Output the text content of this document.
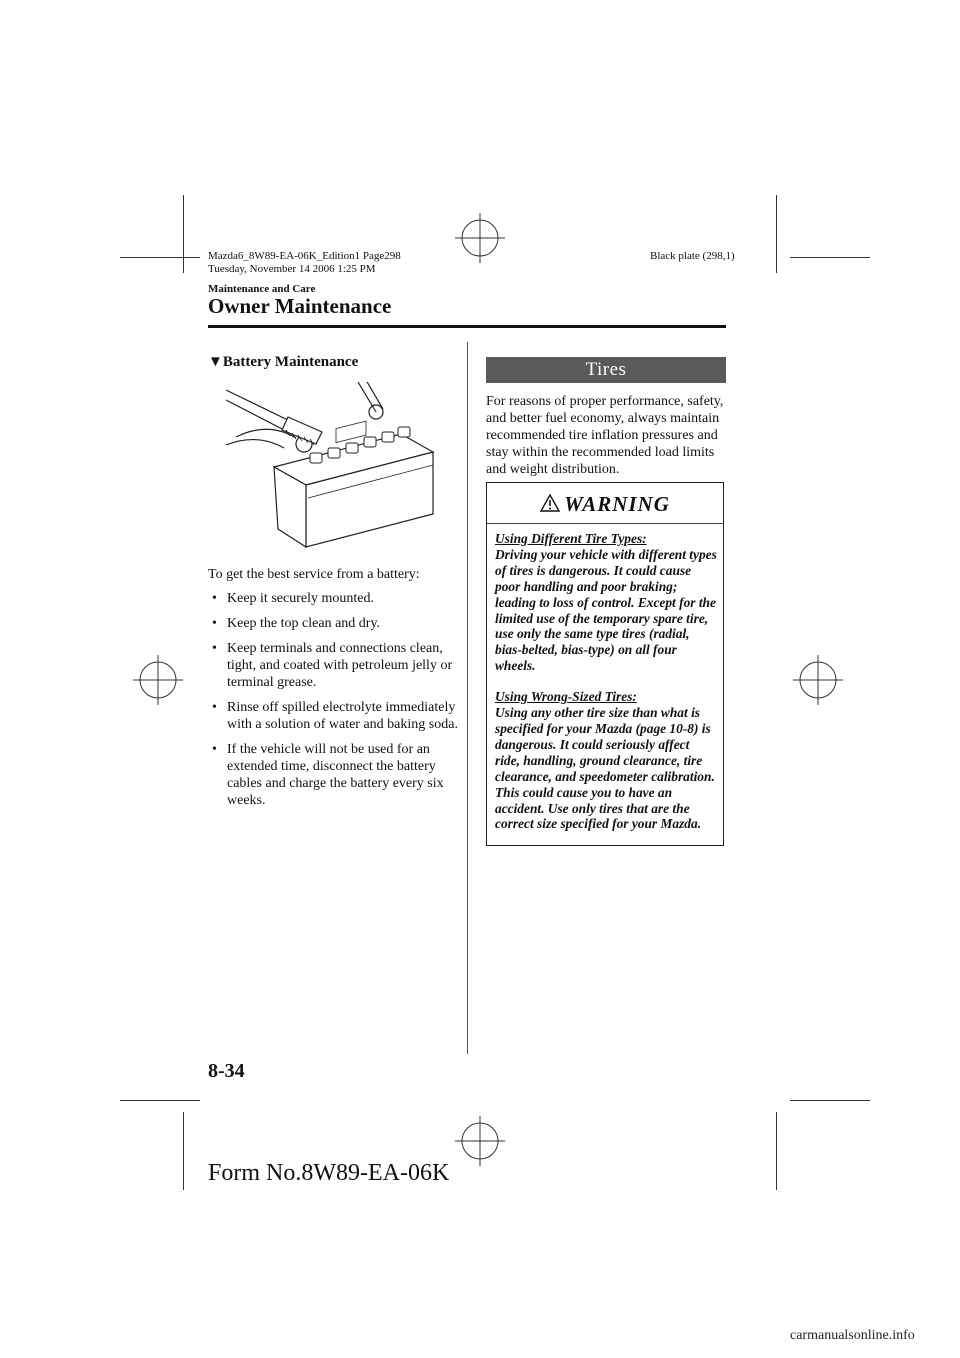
Mazda6_8W89-EA-06K_Edition1 Page298
Tuesday, November 14 2006 1:25 PM
Black plate (298,1)
Maintenance and Care
Owner Maintenance
▼Battery Maintenance
To get the best service from a battery:
• Keep it securely mounted.
• Keep the top clean and dry.
• Keep terminals and connections clean, tight, and coated with petroleum jelly or terminal grease.
• Rinse off spilled electrolyte immediately with a solution of water and baking soda.
• If the vehicle will not be used for an extended time, disconnect the battery cables and charge the battery every six weeks.
Tires
For reasons of proper performance, safety, and better fuel economy, always maintain recommended tire inflation pressures and stay within the recommended load limits and weight distribution.
WARNING

Using Different Tire Types:
Driving your vehicle with different types of tires is dangerous. It could cause poor handling and poor braking; leading to loss of control. Except for the limited use of the temporary spare tire, use only the same type tires (radial, bias-belted, bias-type) on all four wheels.

Using Wrong-Sized Tires:
Using any other tire size than what is specified for your Mazda (page 10-8) is dangerous. It could seriously affect ride, handling, ground clearance, tire clearance, and speedometer calibration. This could cause you to have an accident. Use only tires that are the correct size specified for your Mazda.

8-34
Form No.8W89-EA-06K
carmanualsonline.info
